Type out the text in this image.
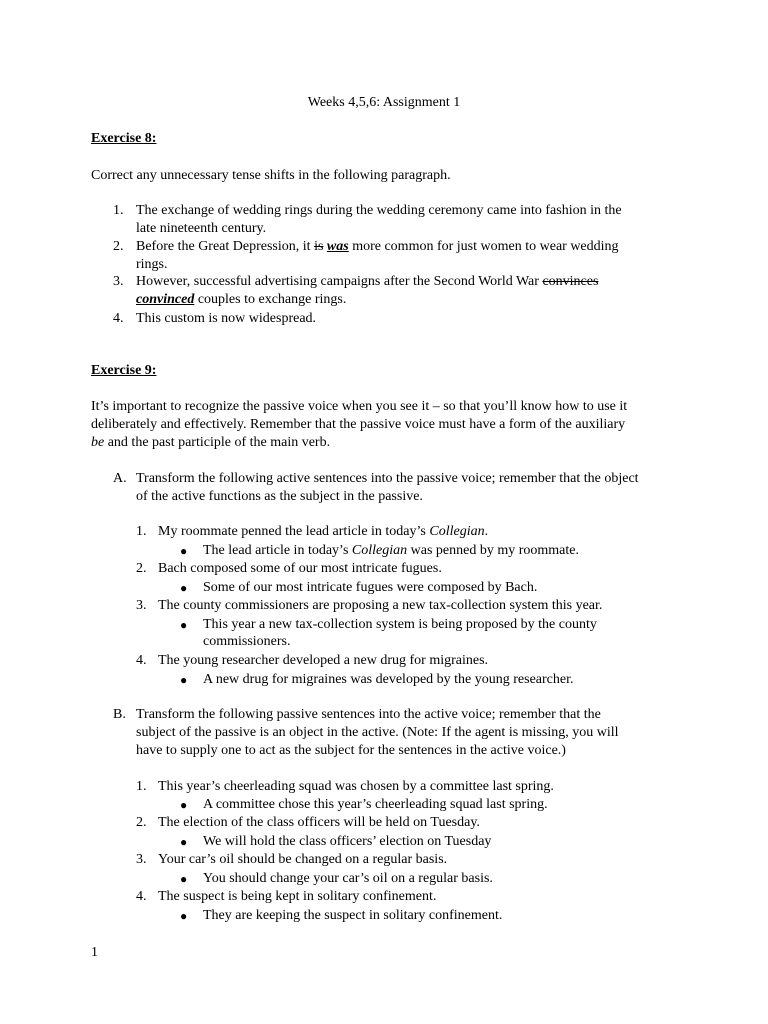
Weeks 4,5,6: Assignment 1
Exercise 8:
Correct any unnecessary tense shifts in the following paragraph.
1. The exchange of wedding rings during the wedding ceremony came into fashion in the
late nineteenth century.
2. Before the Great Depression, it is was more common for just women to wear wedding
rings.
3. However, successful advertising campaigns after the Second World War convinces
convinced couples to exchange rings.
4. This custom is now widespread.
Exercise 9:
It’s important to recognize the passive voice when you see it – so that you’ll know how to use it
deliberately and effectively. Remember that the passive voice must have a form of the auxiliary
be and the past participle of the main verb.
A. Transform the following active sentences into the passive voice; remember that the object
of the active functions as the subject in the passive.
1. My roommate penned the lead article in today’s Collegian.
● The lead article in today’s Collegian was penned by my roommate.
2. Bach composed some of our most intricate fugues.
● Some of our most intricate fugues were composed by Bach.
3. The county commissioners are proposing a new tax-collection system this year.
● This year a new tax-collection system is being proposed by the county
commissioners.
4. The young researcher developed a new drug for migraines.
● A new drug for migraines was developed by the young researcher.
B. Transform the following passive sentences into the active voice; remember that the
subject of the passive is an object in the active. (Note: If the agent is missing, you will
have to supply one to act as the subject for the sentences in the active voice.)
1. This year’s cheerleading squad was chosen by a committee last spring.
● A committee chose this year’s cheerleading squad last spring.
2. The election of the class officers will be held on Tuesday.
● We will hold the class officers’ election on Tuesday
3. Your car’s oil should be changed on a regular basis.
● You should change your car’s oil on a regular basis.
4. The suspect is being kept in solitary confinement.
● They are keeping the suspect in solitary confinement.
1
